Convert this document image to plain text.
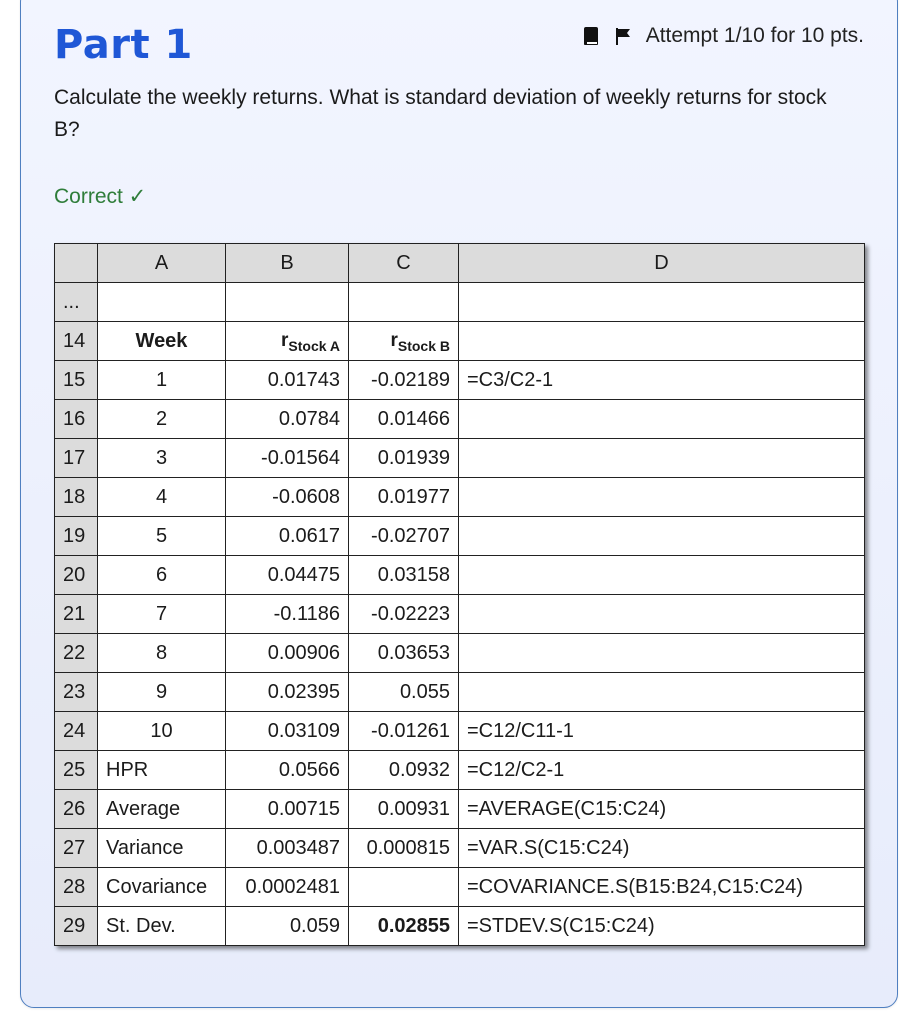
Part 1	Attempt 1/10 for 10 pts.

Calculate the weekly returns. What is standard deviation of weekly returns for stock B?

Correct ✓
	A	B	C	D
...				
14	Week	$r_{Stock A}$	$r_{Stock B}$	
15	1	0.01743	-0.02189	=C3/C2-1
16	2	0.0784	0.01466	
17	3	-0.01564	0.01939	
18	4	-0.0608	0.01977	
19	5	0.0617	-0.02707	
20	6	0.04475	0.03158	
21	7	-0.1186	-0.02223	
22	8	0.00906	0.03653	
23	9	0.02395	0.055	
24	10	0.03109	-0.01261	=C12/C11-1
25	HPR	0.0566	0.0932	=C12/C2-1
26	Average	0.00715	0.00931	=AVERAGE(C15:C24)
27	Variance	0.003487	0.000815	=VAR.S(C15:C24)
28	Covariance	0.0002481		=COVARIANCE.S(B15:B24,C15:C24)
29	St. Dev.	0.059	0.02855	=STDEV.S(C15:C24)
